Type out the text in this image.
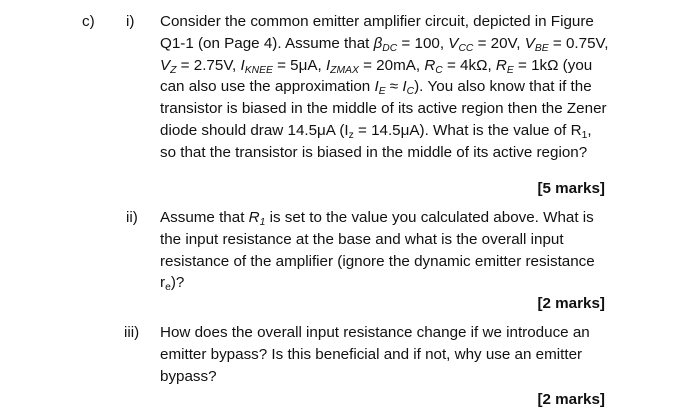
c) i) Consider the common emitter amplifier circuit, depicted in Figure Q1-1 (on Page 4). Assume that $\beta_{DC} = 100$, $V_{CC} = 20V$, $V_{BE} = 0.75V$, $V_Z = 2.75V$, $I_{KNEE} = 5\mu A$, $I_{ZMAX} = 20mA$, $R_C = 4k\Omega$, $R_E = 1k\Omega$ (you can also use the approximation $I_E \approx I_C$). You also know that if the transistor is biased in the middle of its active region then the Zener diode should draw 14.5μA $(I_z = 14.5\mu A)$. What is the value of $R_1$, so that the transistor is biased in the middle of its active region?
[5 marks]
ii) Assume that $R_1$ is set to the value you calculated above. What is the input resistance at the base and what is the overall input resistance of the amplifier (ignore the dynamic emitter resistance $r_e$)?
[2 marks]
iii) How does the overall input resistance change if we introduce an emitter bypass? Is this beneficial and if not, why use an emitter bypass?
[2 marks]
